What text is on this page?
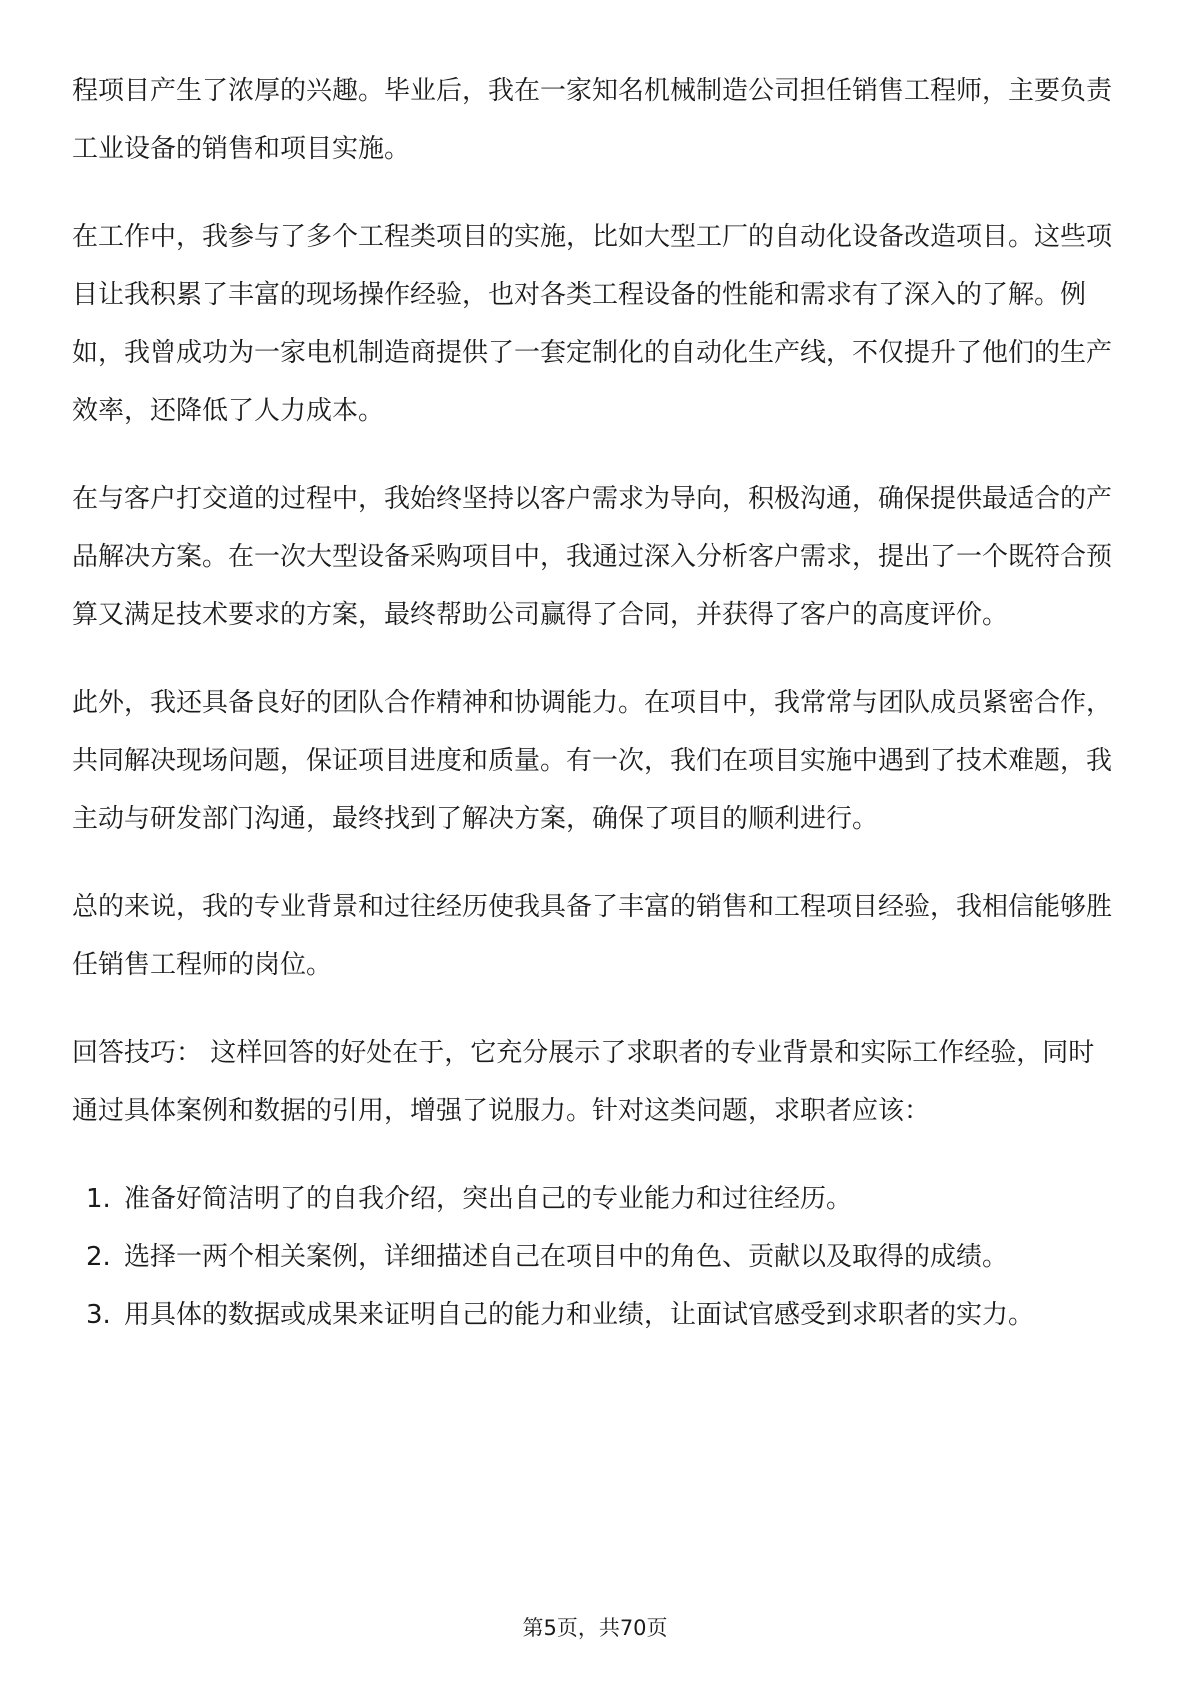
程项目产生了浓厚的兴趣。毕业后，我在一家知名机械制造公司担任销售工程师，主要负责工业设备的销售和项目实施。

在工作中，我参与了多个工程类项目的实施，比如大型工厂的自动化设备改造项目。这些项目让我积累了丰富的现场操作经验，也对各类工程设备的性能和需求有了深入的了解。例如，我曾成功为一家电机制造商提供了一套定制化的自动化生产线，不仅提升了他们的生产效率，还降低了人力成本。

在与客户打交道的过程中，我始终坚持以客户需求为导向，积极沟通，确保提供最适合的产品解决方案。在一次大型设备采购项目中，我通过深入分析客户需求，提出了一个既符合预算又满足技术要求的方案，最终帮助公司赢得了合同，并获得了客户的高度评价。

此外，我还具备良好的团队合作精神和协调能力。在项目中，我常常与团队成员紧密合作，共同解决现场问题，保证项目进度和质量。有一次，我们在项目实施中遇到了技术难题，我主动与研发部门沟通，最终找到了解决方案，确保了项目的顺利进行。

总的来说，我的专业背景和过往经历使我具备了丰富的销售和工程项目经验，我相信能够胜任销售工程师的岗位。

回答技巧： 这样回答的好处在于，它充分展示了求职者的专业背景和实际工作经验，同时通过具体案例和数据的引用，增强了说服力。针对这类问题，求职者应该：

1. 准备好简洁明了的自我介绍，突出自己的专业能力和过往经历。
2. 选择一两个相关案例，详细描述自己在项目中的角色、贡献以及取得的成绩。
3. 用具体的数据或成果来证明自己的能力和业绩，让面试官感受到求职者的实力。
第5页，共70页
